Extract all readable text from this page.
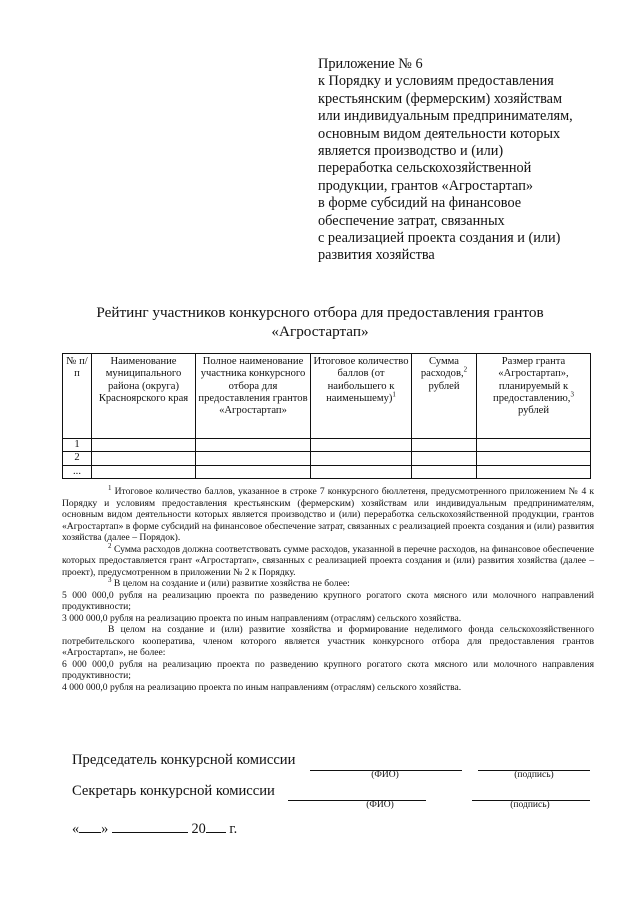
Приложение № 6
к Порядку и условиям предоставления
крестьянским (фермерским) хозяйствам
или индивидуальным предпринимателям,
основным видом деятельности которых
является производство и (или)
переработка сельскохозяйственной
продукции, грантов «Агростартап»
в форме субсидий на финансовое
обеспечение затрат, связанных
с реализацией проекта создания и (или)
развития хозяйства
Рейтинг участников конкурсного отбора для предоставления грантов
«Агростартап»
№ п/п	Наименование муниципального района (округа) Красноярского края	Полное наименование участника конкурсного отбора для предоставления грантов «Агростартап»	Итоговое количество баллов (от наибольшего к наименьшему)$^1$	Сумма расходов,$^2$ рублей	Размер гранта «Агростартап», планируемый к предоставлению,$^3$ рублей
1					
2					
...					

$^1$ Итоговое количество баллов, указанное в строке 7 конкурсного бюллетеня, предусмотренного приложением № 4 к Порядку и условиям предоставления крестьянским (фермерским) хозяйствам или индивидуальным предпринимателям, основным видом деятельности которых является производство и (или) переработка сельскохозяйственной продукции, грантов «Агростартап» в форме субсидий на финансовое обеспечение затрат, связанных с реализацией проекта создания и (или) развития хозяйства (далее – Порядок).

$^2$ Сумма расходов должна соответствовать сумме расходов, указанной в перечне расходов, на финансовое обеспечение которых предоставляется грант «Агростартап», связанных с реализацией проекта создания и (или) развития хозяйства (далее – проект), предусмотренном в приложении № 2 к Порядку.

$^3$ В целом на создание и (или) развитие хозяйства не более:

5 000 000,0 рубля на реализацию проекта по разведению крупного рогатого скота мясного или молочного направлений продуктивности;

3 000 000,0 рубля на реализацию проекта по иным направлениям (отраслям) сельского хозяйства.

В целом на создание и (или) развитие хозяйства и формирование неделимого фонда сельскохозяйственного потребительского кооператива, членом которого является участник конкурсного отбора для предоставления грантов «Агростартап», не более:

6 000 000,0 рубля на реализацию проекта по разведению крупного рогатого скота мясного или молочного направления продуктивности;

4 000 000,0 рубля на реализацию проекта по иным направлениям (отраслям) сельского хозяйства.

Председатель конкурсной комиссии
(ФИО)	(подпись)
Секретарь конкурсной комиссии
(ФИО)	(подпись)
« »	20 г.
